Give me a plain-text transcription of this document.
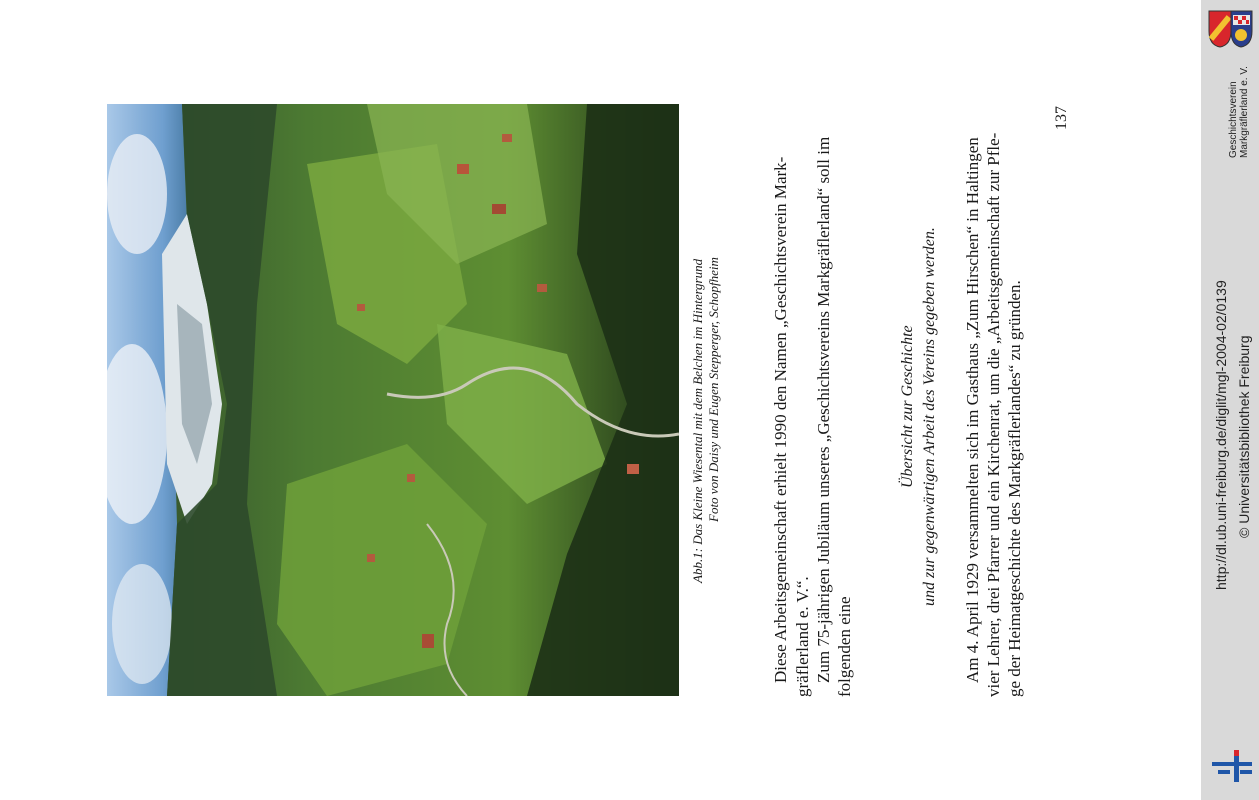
Abb.1: Das Kleine Wiesental mit dem Belchen im Hintergrund Foto von Daisy und Eugen Stepperger, Schopfheim	Diese Arbeitsgemeinschaft erhielt 1990 den Namen „Geschichtsverein Mark- gräflerland e. V.“. Zum 75-jährigen Jubiläum unseres „Geschichtsvereins Markgräflerland“ soll im folgenden eine
Übersicht zur Geschichte und zur gegenwärtigen Arbeit des Vereins gegeben werden. Am 4. April 1929 versammelten sich im Gasthaus „Zum Hirschen“ in Haltingen vier Lehrer, drei Pfarrer und ein Kirchenrat, um die „Arbeitsgemeinschaft zur Pfle- ge der Heimatgeschichte des Markgräflerlandes“ zu gründen.
137	Geschichtsverein Markgräflerland e. V.
http://dl.ub.uni-freiburg.de/diglit/mgl-2004-02/0139 © Universitätsbibliothek Freiburg
